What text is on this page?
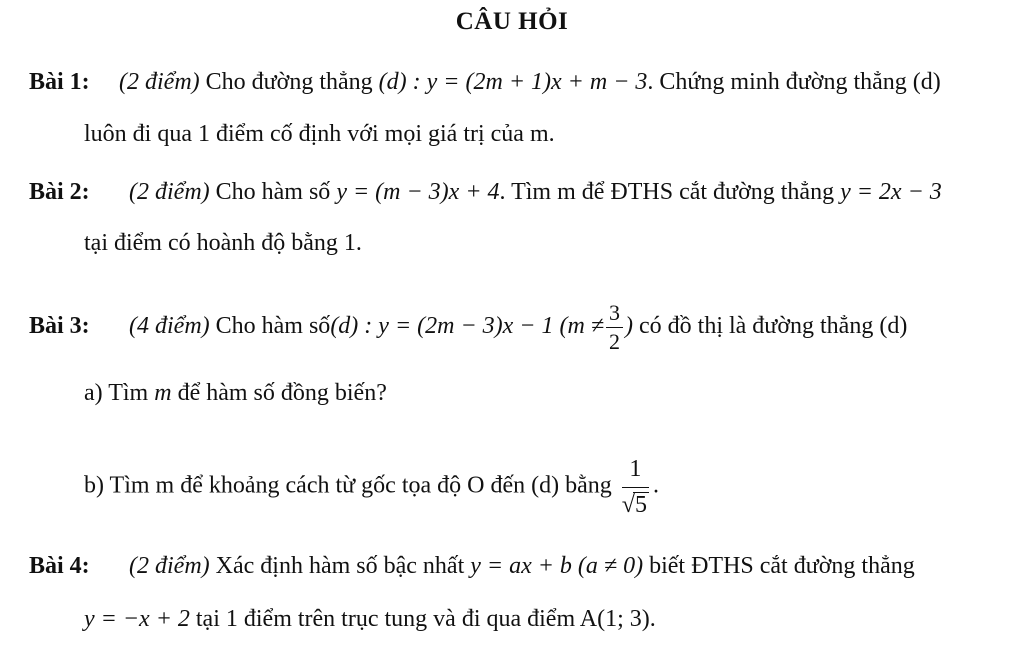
CÂU HỎI
Bài 1: (2 điểm) Cho đường thẳng (d) : y = (2m + 1)x + m − 3. Chứng minh đường thẳng (d)
luôn đi qua 1 điểm cố định với mọi giá trị của m.
Bài 2: (2 điểm) Cho hàm số y = (m − 3)x + 4. Tìm m để ĐTHS cắt đường thẳng y = 2x − 3
tại điểm có hoành độ bằng 1.
Bài 3: (4 điểm) Cho hàm số(d) : y = (2m − 3)x − 1 ($m \ne \frac{3}{2}$ ) có đồ thị là đường thẳng (d)
a) Tìm m để hàm số đồng biến?
b) Tìm m để khoảng cách từ gốc tọa độ O đến (d) bằng $\frac{1}{√5}$ .
Bài 4: (2 điểm) Xác định hàm số bậc nhất y = ax + b (a ≠ 0) biết ĐTHS cắt đường thẳng
y = −x + 2 tại 1 điểm trên trục tung và đi qua điểm A(1; 3).
